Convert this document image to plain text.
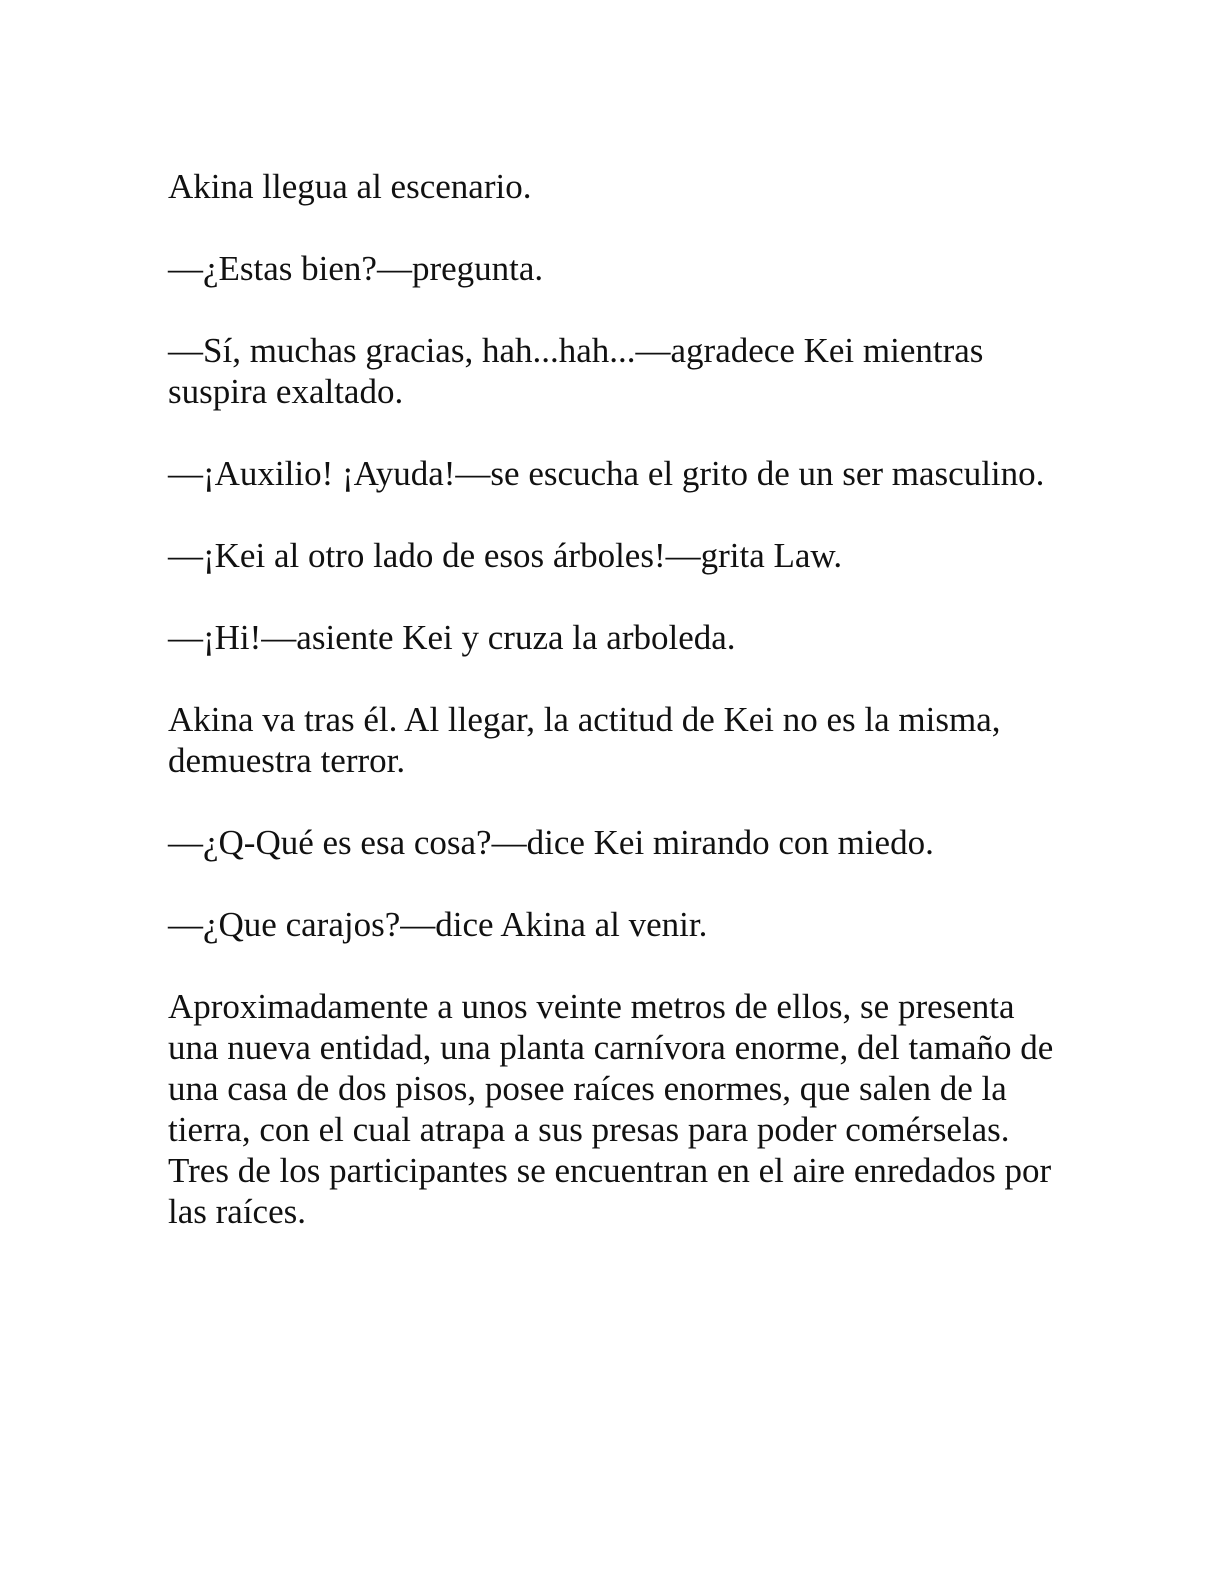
Akina llegua al escenario.

—¿Estas bien?—pregunta.

—Sí, muchas gracias, hah...hah...—agradece Kei mientras suspira exaltado.

—¡Auxilio! ¡Ayuda!—se escucha el grito de un ser masculino.

—¡Kei al otro lado de esos árboles!—grita Law.

—¡Hi!—asiente Kei y cruza la arboleda.

Akina va tras él. Al llegar, la actitud de Kei no es la misma, demuestra terror.

—¿Q-Qué es esa cosa?—dice Kei mirando con miedo.

—¿Que carajos?—dice Akina al venir.

Aproximadamente a unos veinte metros de ellos, se presenta una nueva entidad, una planta carnívora enorme, del tamaño de una casa de dos pisos, posee raíces enormes, que salen de la tierra, con el cual atrapa a sus presas para poder comérselas. Tres de los participantes se encuentran en el aire enredados por las raíces.
